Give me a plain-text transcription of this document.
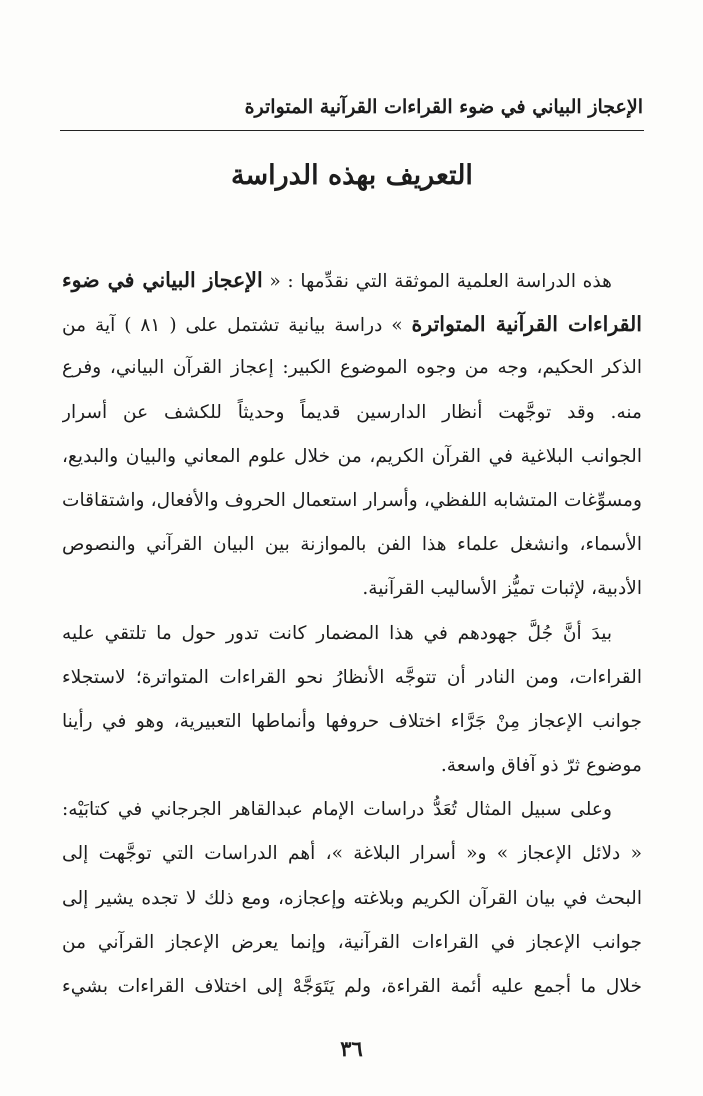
الإعجاز البياني في ضوء القراءات القرآنية المتواترة
التعريف بهذه الدراسة
هذه الدراسة العلمية الموثقة التي نقدِّمها : « الإعجاز البياني في ضوء
القراءات القرآنية المتواترة » دراسة بيانية تشتمل على ( ٨١ ) آية من
الذكر الحكيم، وجه من وجوه الموضوع الكبير: إعجاز القرآن البياني، وفرع
منه. وقد توجَّهت أنظار الدارسين قديماً وحديثاً للكشف عن أسرار
الجوانب البلاغية في القرآن الكريم، من خلال علوم المعاني والبيان والبديع،
ومسوِّغات المتشابه اللفظي، وأسرار استعمال الحروف والأفعال، واشتقاقات
الأسماء، وانشغل علماء هذا الفن بالموازنة بين البيان القرآني والنصوص
الأدبية، لإثبات تميُّز الأساليب القرآنية.
بيدَ أنَّ جُلَّ جهودهم في هذا المضمار كانت تدور حول ما تلتقي عليه
القراءات، ومن النادر أن تتوجَّه الأنظارُ نحو القراءات المتواترة؛ لاستجلاء
جوانب الإعجاز مِنْ جَرَّاء اختلاف حروفها وأنماطها التعبيرية، وهو في رأينا
موضوع ثرّ ذو آفاق واسعة.
وعلى سبيل المثال تُعَدُّ دراسات الإمام عبدالقاهر الجرجاني في كتابَيْه:
« دلائل الإعجاز » و« أسرار البلاغة »، أهم الدراسات التي توجَّهت إلى
البحث في بيان القرآن الكريم وبلاغته وإعجازه، ومع ذلك لا تجده يشير إلى
جوانب الإعجاز في القراءات القرآنية، وإنما يعرض الإعجاز القرآني من
خلال ما أجمع عليه أئمة القراءة، ولم يَتَوَجَّهْ إلى اختلاف القراءات بشيء
٣٦
